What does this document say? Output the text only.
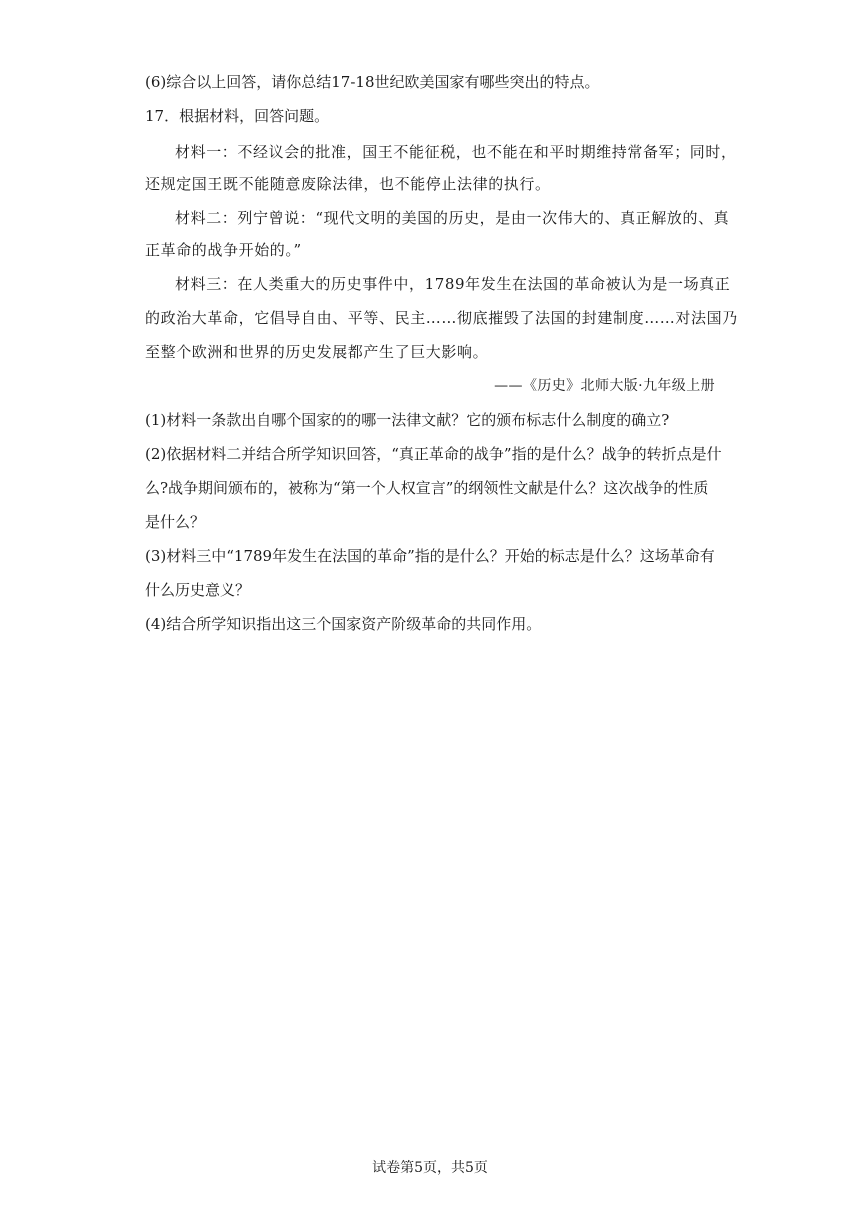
(6)综合以上回答，请你总结17-18世纪欧美国家有哪些突出的特点。
17．根据材料，回答问题。
材料一：不经议会的批准，国王不能征税，也不能在和平时期维持常备军；同时，
还规定国王既不能随意废除法律，也不能停止法律的执行。
材料二：列宁曾说：“现代文明的美国的历史，是由一次伟大的、真正解放的、真
正革命的战争开始的。”
材料三：在人类重大的历史事件中，1789年发生在法国的革命被认为是一场真正
的政治大革命，它倡导自由、平等、民主……彻底摧毁了法国的封建制度……对法国乃
至整个欧洲和世界的历史发展都产生了巨大影响。
——《历史》北师大版·九年级上册
(1)材料一条款出自哪个国家的的哪一法律文献？它的颁布标志什么制度的确立?
(2)依据材料二并结合所学知识回答，“真正革命的战争”指的是什么？战争的转折点是什
么?战争期间颁布的，被称为“第一个人权宣言”的纲领性文献是什么？这次战争的性质
是什么？
(3)材料三中“1789年发生在法国的革命”指的是什么？开始的标志是什么？这场革命有
什么历史意义？
(4)结合所学知识指出这三个国家资产阶级革命的共同作用。
试卷第5页，共5页
